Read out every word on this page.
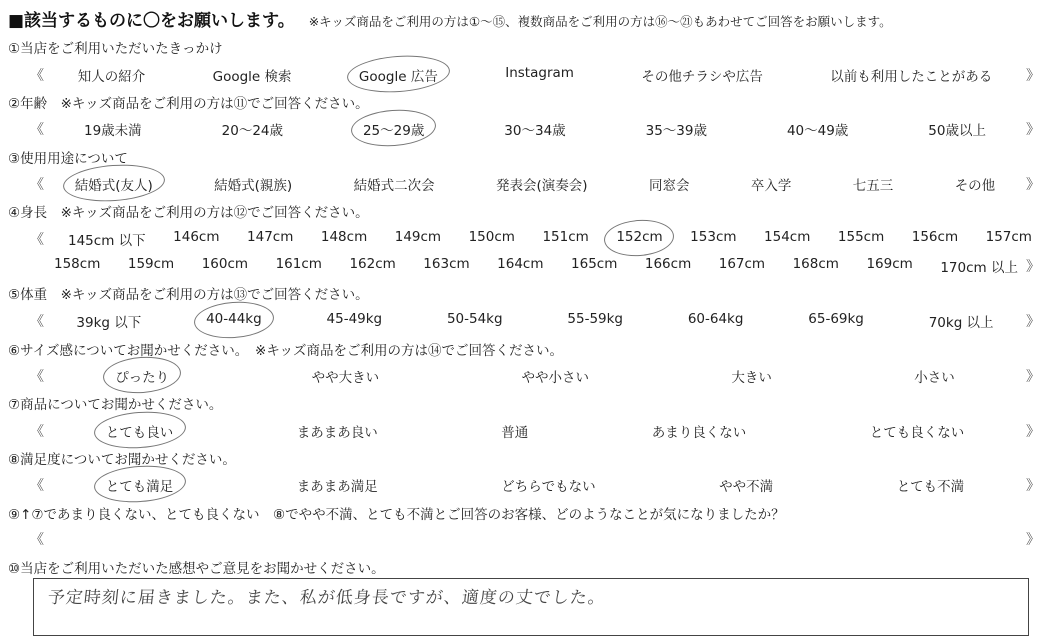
■該当するものに〇をお願いします。 ※キッズ商品をご利用の方は①〜⑮、複数商品をご利用の方は⑯〜㉑もあわせてご回答をお願いします。
①当店をご利用いただいたきっかけ
《 知人の紹介	Google 検索	Google 広告	Instagram	その他チラシや広告	以前も利用したことがある 》
②年齢　※キッズ商品をご利用の方は⑪でご回答ください。
《	19歳未満	20〜24歳	25〜29歳	30〜34歳	35〜39歳	40〜49歳	50歳以上	》
③使用用途について
《 結婚式(友人)	結婚式(親族)	結婚式二次会	発表会(演奏会)	同窓会	卒入学	七五三	その他 》
④身長　※キッズ商品をご利用の方は⑫でご回答ください。
《 145cm 以下 146cm 147cm 148cm 149cm 150cm 151cm 152cm 153cm 154cm 155cm 156cm 157cm
158cm 159cm 160cm 161cm 162cm 163cm 164cm 165cm 166cm 167cm 168cm 169cm 170cm 以上 》
⑤体重　※キッズ商品をご利用の方は⑬でご回答ください。
《 39kg 以下	40-44kg	45-49kg	50-54kg	55-59kg	60-64kg	65-69kg	70kg 以上 》
⑥サイズ感についてお聞かせください。　※キッズ商品をご利用の方は⑭でご回答ください。
《	ぴったり	やや大きい	やや小さい	大きい	小さい	》
⑦商品についてお聞かせください。
《	とても良い	まあまあ良い	普通	あまり良くない	とても良くない	》
⑧満足度についてお聞かせください。
《	とても満足	まあまあ満足	どちらでもない	やや不満	とても不満	》
⑨↑⑦であまり良くない、とても良くない　⑧でやや不満、とても不満とご回答のお客様、どのようなことが気になりましたか？
《	》
⑩当店をご利用いただいた感想やご意見をお聞かせください。
予定時刻に届きました。また、私が低身長ですが、適度の丈でした。
